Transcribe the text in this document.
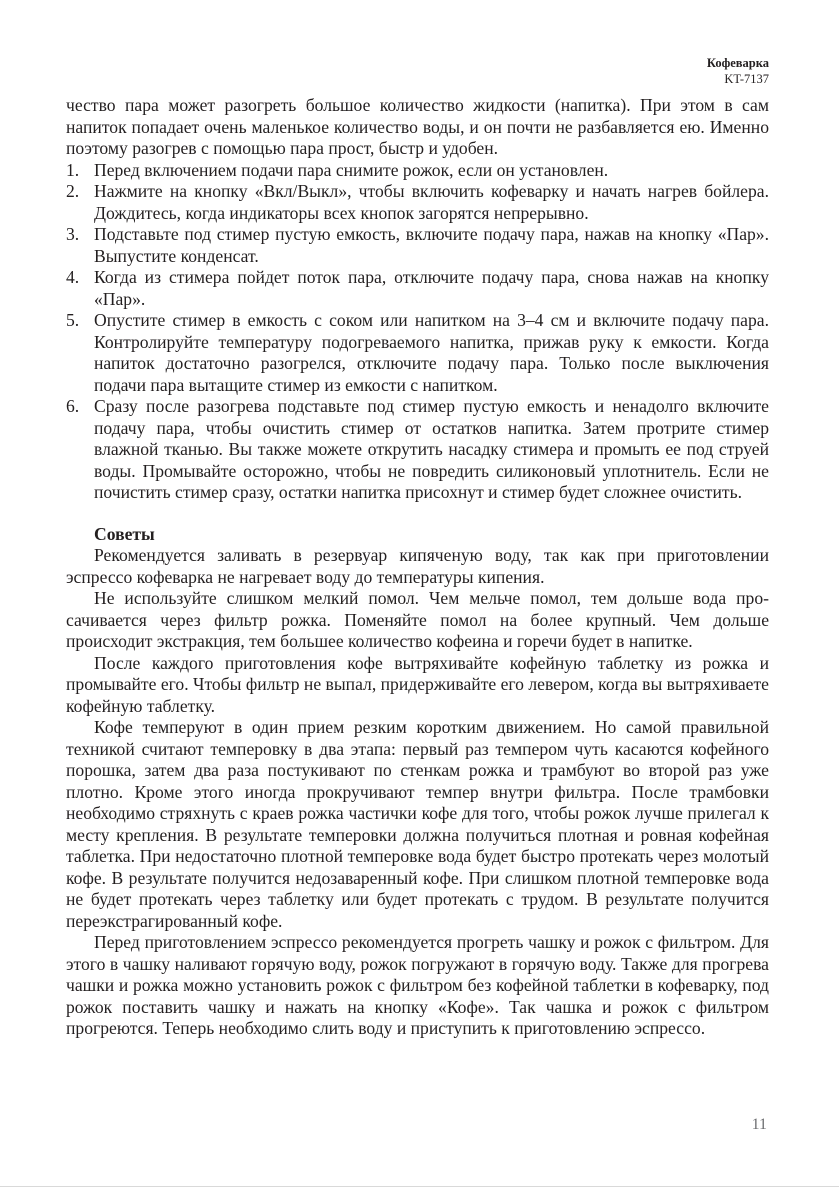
Кофеварка
KT-7137

чество пара может разогреть большое количество жидкости (напитка). При этом в сам напиток попадает очень маленькое количество воды, и он почти не разбавляется ею. Именно поэтому разогрев с помощью пара прост, быстр и удобен.

1. Перед включением подачи пара снимите рожок, если он установлен.
2. Нажмите на кнопку «Вкл/Выкл», чтобы включить кофеварку и начать нагрев бойлера. Дождитесь, когда индикаторы всех кнопок загорятся непрерывно.
3. Подставьте под стимер пустую емкость, включите подачу пара, нажав на кнопку «Пар». Выпустите конденсат.
4. Когда из стимера пойдет поток пара, отключите подачу пара, снова нажав на кнопку «Пар».
5. Опустите стимер в емкость с соком или напитком на 3–4 см и включите подачу пара. Контролируйте температуру подогреваемого напитка, прижав руку к емкости. Когда напиток достаточно разогрелся, отключите подачу пара. Только после выключения подачи пара вытащите стимер из емкости с напитком.
6. Сразу после разогрева подставьте под стимер пустую емкость и ненадолго включите подачу пара, чтобы очистить стимер от остатков напитка. Затем протрите стимер влажной тканью. Вы также можете открутить насадку стимера и промыть ее под струей воды. Промывайте осторожно, чтобы не повредить силиконовый уплотнитель. Если не почистить стимер сразу, остатки напитка присохнут и стимер будет сложнее очистить.
Советы

Рекомендуется заливать в резервуар кипяченую воду, так как при приготовлении эспрессо кофеварка не нагревает воду до температуры кипения.

Не используйте слишком мелкий помол. Чем мельче помол, тем дольше вода просачивается через фильтр рожка. Поменяйте помол на более крупный. Чем дольше происходит экстракция, тем большее количество кофеина и горечи будет в напитке.

После каждого приготовления кофе вытряхивайте кофейную таблетку из рожка и промывайте его. Чтобы фильтр не выпал, придерживайте его левером, когда вы вытряхиваете кофейную таблетку.

Кофе темперуют в один прием резким коротким движением. Но самой правильной техникой считают темперовку в два этапа: первый раз темпером чуть касаются кофейного порошка, затем два раза постукивают по стенкам рожка и трамбуют во второй раз уже плотно. Кроме этого иногда прокручивают темпер внутри фильтра. После трамбовки необходимо стряхнуть с краев рожка частички кофе для того, чтобы рожок лучше прилегал к месту крепления. В результате темперовки должна получиться плотная и ровная кофейная таблетка. При недостаточно плотной темперовке вода будет быстро протекать через молотый кофе. В результате получится недозаваренный кофе. При слишком плотной темперовке вода не будет протекать через таблетку или будет протекать с трудом. В результате получится переэкстрагированный кофе.

Перед приготовлением эспрессо рекомендуется прогреть чашку и рожок с фильтром. Для этого в чашку наливают горячую воду, рожок погружают в горячую воду. Также для прогрева чашки и рожка можно установить рожок с фильтром без кофейной таблетки в кофеварку, под рожок поставить чашку и нажать на кнопку «Кофе». Так чашка и рожок с фильтром прогреются. Теперь необходимо слить воду и приступить к приготовлению эспрессо.

11
